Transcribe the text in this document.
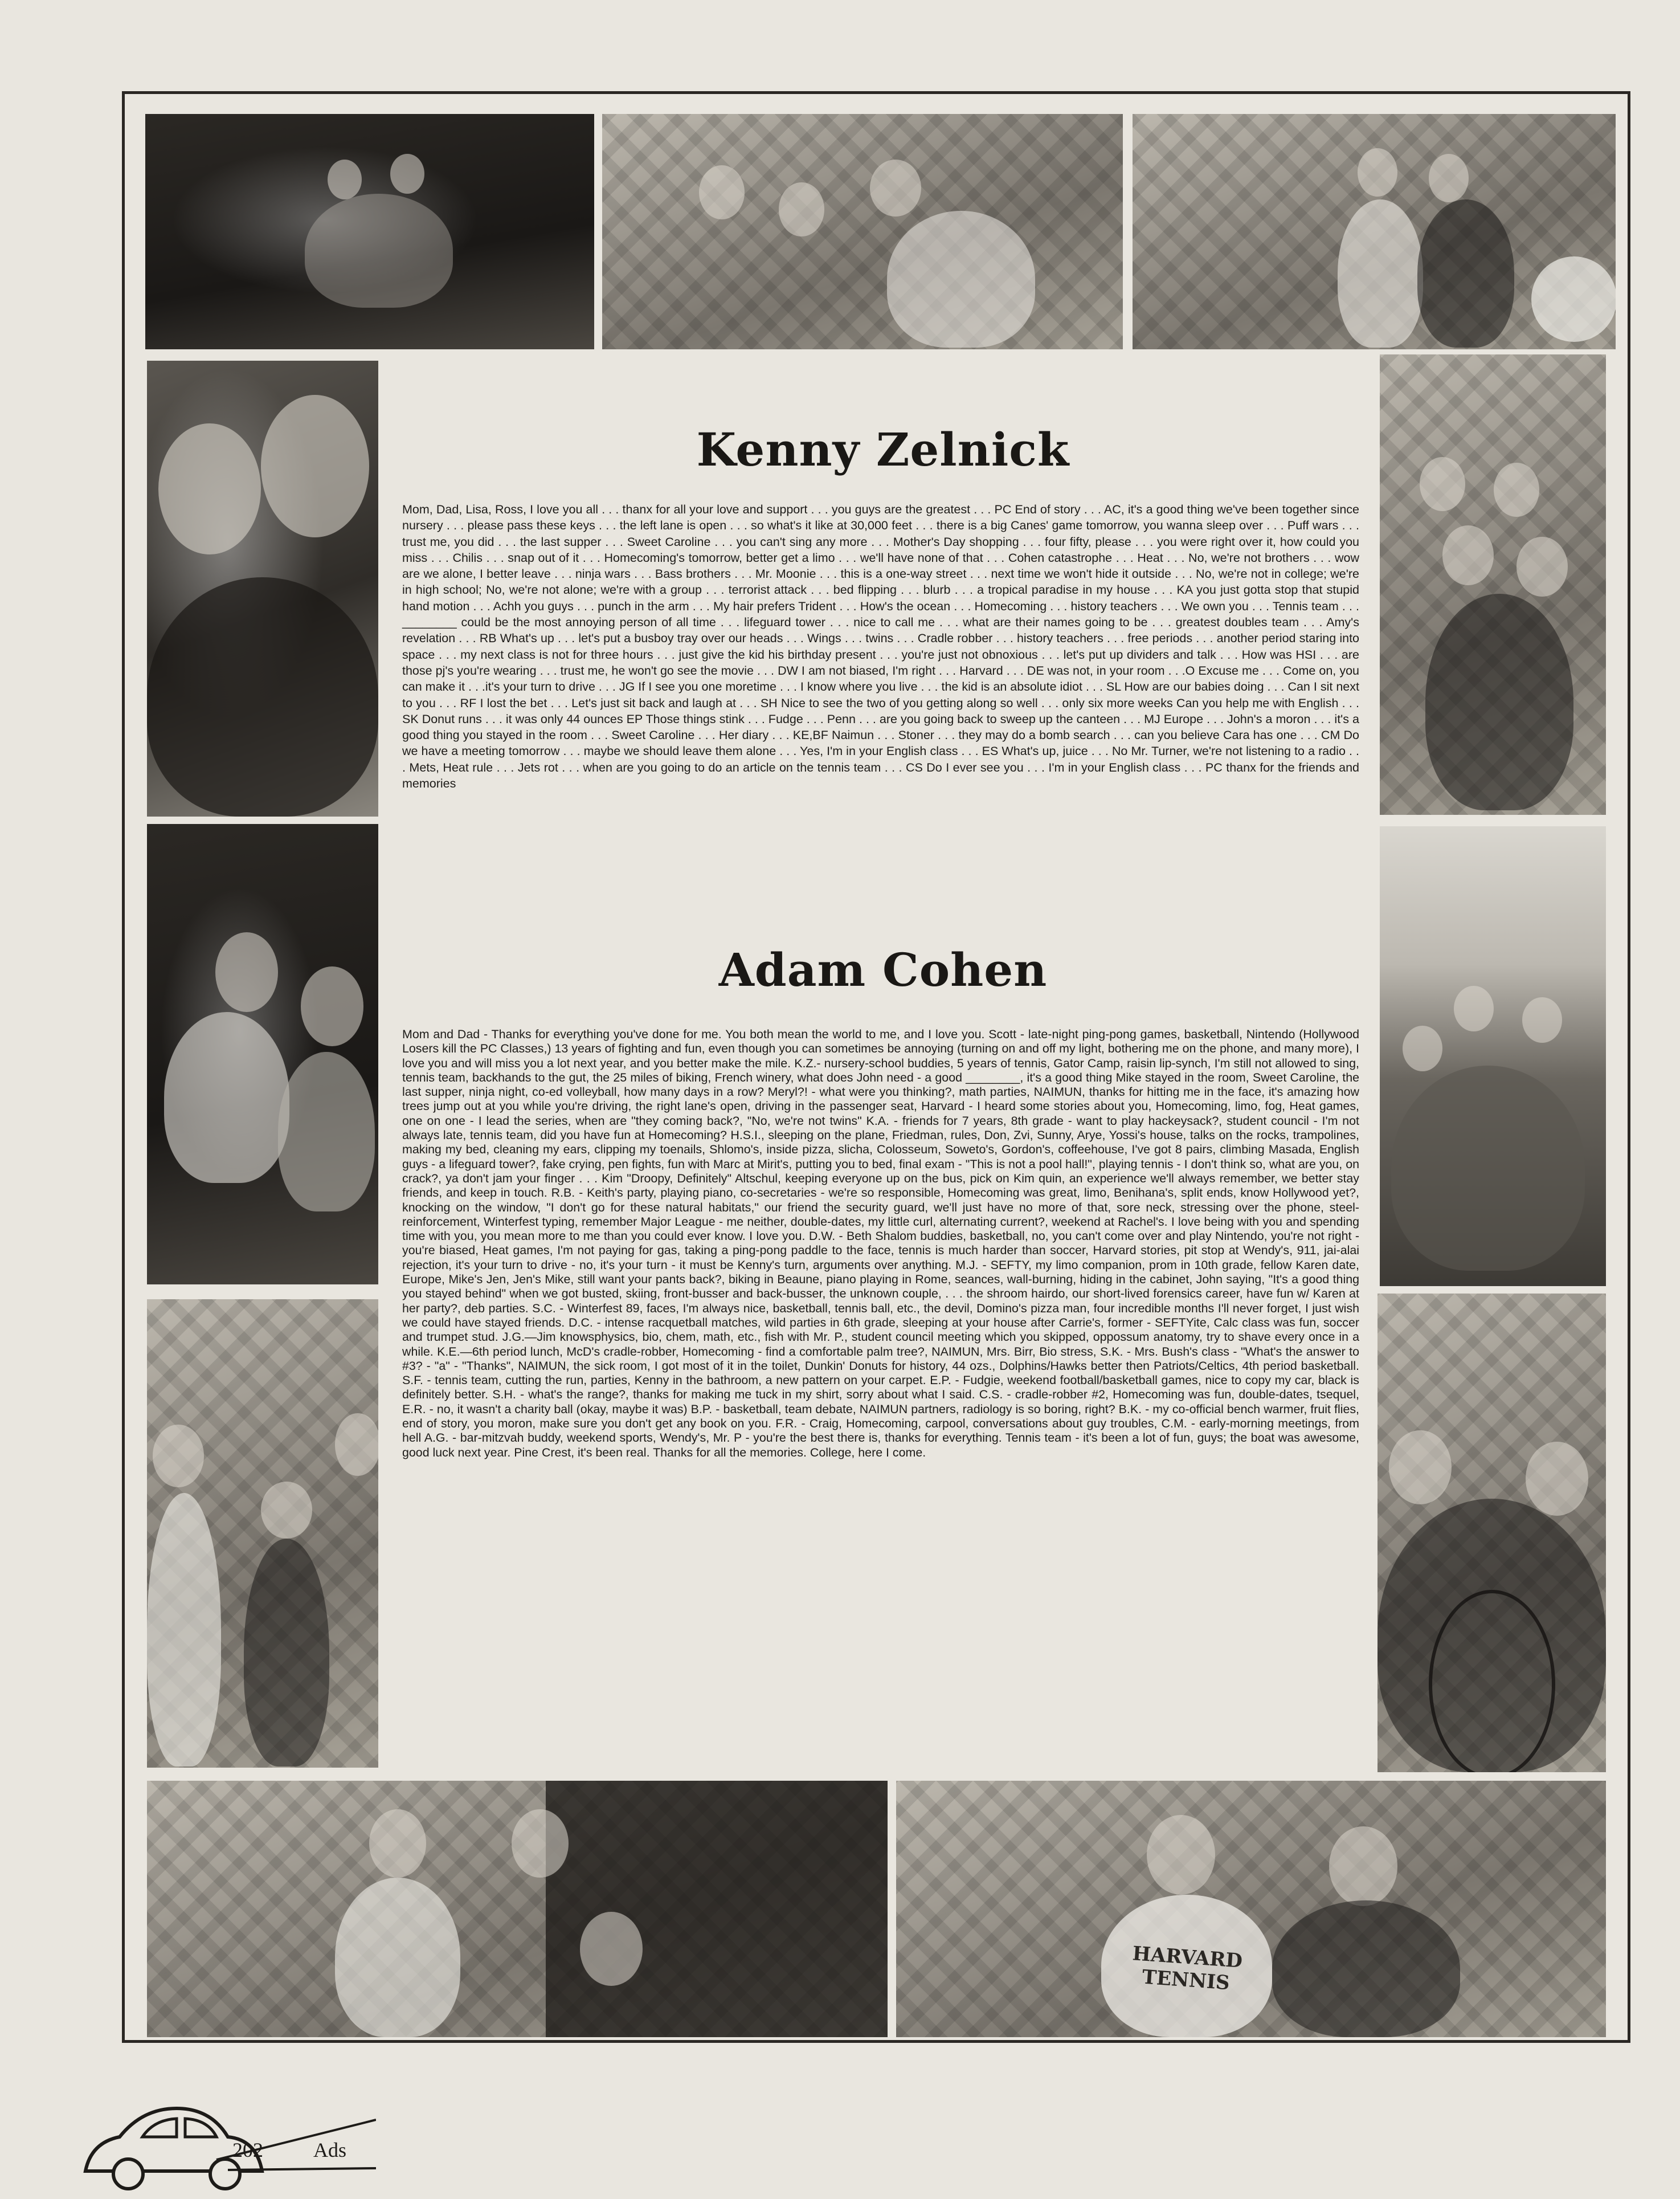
HARVARD TENNIS
Kenny Zelnick
Mom, Dad, Lisa, Ross, I love you all . . . thanx for all your love and support . . . you guys are the greatest . . . PC End of story . . . AC, it's a good thing we've been together since nursery . . . please pass these keys . . . the left lane is open . . . so what's it like at 30,000 feet . . . there is a big Canes' game tomorrow, you wanna sleep over . . . Puff wars . . . trust me, you did . . . the last supper . . . Sweet Caroline . . . you can't sing any more . . . Mother's Day shopping . . . four fifty, please . . . you were right over it, how could you miss . . . Chilis . . . snap out of it . . . Homecoming's tomorrow, better get a limo . . . we'll have none of that . . . Cohen catastrophe . . . Heat . . . No, we're not brothers . . . wow are we alone, I better leave . . . ninja wars . . . Bass brothers . . . Mr. Moonie . . . this is a one-way street . . . next time we won't hide it outside . . . No, we're not in college; we're in high school; No, we're not alone; we're with a group . . . terrorist attack . . . bed flipping . . . blurb . . . a tropical paradise in my house . . . KA you just gotta stop that stupid hand motion . . . Achh you guys . . . punch in the arm . . . My hair prefers Trident . . . How's the ocean . . . Homecoming . . . history teachers . . . We own you . . . Tennis team . . . ________ could be the most annoying person of all time . . . lifeguard tower . . . nice to call me . . . what are their names going to be . . . greatest doubles team . . . Amy's revelation . . . RB What's up . . . let's put a busboy tray over our heads . . . Wings . . . twins . . . Cradle robber . . . history teachers . . . free periods . . . another period staring into space . . . my next class is not for three hours . . . just give the kid his birthday present . . . you're just not obnoxious . . . let's put up dividers and talk . . . How was HSI . . . are those pj's you're wearing . . . trust me, he won't go see the movie . . . DW I am not biased, I'm right . . . Harvard . . . DE was not, in your room . . .O Excuse me . . . Come on, you can make it . . .it's your turn to drive . . . JG If I see you one moretime . . . I know where you live . . . the kid is an absolute idiot . . . SL How are our babies doing . . . Can I sit next to you . . . RF I lost the bet . . . Let's just sit back and laugh at . . . SH Nice to see the two of you getting along so well . . . only six more weeks Can you help me with English . . . SK Donut runs . . . it was only 44 ounces EP Those things stink . . . Fudge . . . Penn . . . are you going back to sweep up the canteen . . . MJ Europe . . . John's a moron . . . it's a good thing you stayed in the room . . . Sweet Caroline . . . Her diary . . . KE,BF Naimun . . . Stoner . . . they may do a bomb search . . . can you believe Cara has one . . . CM Do we have a meeting tomorrow . . . maybe we should leave them alone . . . Yes, I'm in your English class . . . ES What's up, juice . . . No Mr. Turner, we're not listening to a radio . . . Mets, Heat rule . . . Jets rot . . . when are you going to do an article on the tennis team . . . CS Do I ever see you . . . I'm in your English class . . . PC thanx for the friends and memories
Adam Cohen
Mom and Dad - Thanks for everything you've done for me. You both mean the world to me, and I love you. Scott - late-night ping-pong games, basketball, Nintendo (Hollywood Losers kill the PC Classes,) 13 years of fighting and fun, even though you can sometimes be annoying (turning on and off my light, bothering me on the phone, and many more), I love you and will miss you a lot next year, and you better make the mile. K.Z.- nursery-school buddies, 5 years of tennis, Gator Camp, raisin lip-synch, I'm still not allowed to sing, tennis team, backhands to the gut, the 25 miles of biking, French winery, what does John need - a good ________, it's a good thing Mike stayed in the room, Sweet Caroline, the last supper, ninja night, co-ed volleyball, how many days in a row? Meryl?! - what were you thinking?, math parties, NAIMUN, thanks for hitting me in the face, it's amazing how trees jump out at you while you're driving, the right lane's open, driving in the passenger seat, Harvard - I heard some stories about you, Homecoming, limo, fog, Heat games, one on one - I lead the series, when are "they coming back?, "No, we're not twins" K.A. - friends for 7 years, 8th grade - want to play hackeysack?, student council - I'm not always late, tennis team, did you have fun at Homecoming? H.S.I., sleeping on the plane, Friedman, rules, Don, Zvi, Sunny, Arye, Yossi's house, talks on the rocks, trampolines, making my bed, cleaning my ears, clipping my toenails, Shlomo's, inside pizza, slicha, Colosseum, Soweto's, Gordon's, coffeehouse, I've got 8 pairs, climbing Masada, English guys - a lifeguard tower?, fake crying, pen fights, fun with Marc at Mirit's, putting you to bed, final exam - "This is not a pool hall!", playing tennis - I don't think so, what are you, on crack?, ya don't jam your finger . . . Kim "Droopy, Definitely" Altschul, keeping everyone up on the bus, pick on Kim quin, an experience we'll always remember, we better stay friends, and keep in touch. R.B. - Keith's party, playing piano, co-secretaries - we're so responsible, Homecoming was great, limo, Benihana's, split ends, know Hollywood yet?, knocking on the window, "I don't go for these natural habitats," our friend the security guard, we'll just have no more of that, sore neck, stressing over the phone, steel-reinforcement, Winterfest typing, remember Major League - me neither, double-dates, my little curl, alternating current?, weekend at Rachel's. I love being with you and spending time with you, you mean more to me than you could ever know. I love you. D.W. - Beth Shalom buddies, basketball, no, you can't come over and play Nintendo, you're not right - you're biased, Heat games, I'm not paying for gas, taking a ping-pong paddle to the face, tennis is much harder than soccer, Harvard stories, pit stop at Wendy's, 911, jai-alai rejection, it's your turn to drive - no, it's your turn - it must be Kenny's turn, arguments over anything. M.J. - SEFTY, my limo companion, prom in 10th grade, fellow Karen date, Europe, Mike's Jen, Jen's Mike, still want your pants back?, biking in Beaune, piano playing in Rome, seances, wall-burning, hiding in the cabinet, John saying, "It's a good thing you stayed behind" when we got busted, skiing, front-busser and back-busser, the unknown couple, . . . the shroom hairdo, our short-lived forensics career, have fun w/ Karen at her party?, deb parties. S.C. - Winterfest 89, faces, I'm always nice, basketball, tennis ball, etc., the devil, Domino's pizza man, four incredible months I'll never forget, I just wish we could have stayed friends. D.C. - intense racquetball matches, wild parties in 6th grade, sleeping at your house after Carrie's, former - SEFTYite, Calc class was fun, soccer and trumpet stud. J.G.—Jim knowsphysics, bio, chem, math, etc., fish with Mr. P., student council meeting which you skipped, oppossum anatomy, try to shave every once in a while. K.E.—6th period lunch, McD's cradle-robber, Homecoming - find a comfortable palm tree?, NAIMUN, Mrs. Birr, Bio stress, S.K. - Mrs. Bush's class - "What's the answer to #3? - "a" - "Thanks", NAIMUN, the sick room, I got most of it in the toilet, Dunkin' Donuts for history, 44 ozs., Dolphins/Hawks better then Patriots/Celtics, 4th period basketball. S.F. - tennis team, cutting the run, parties, Kenny in the bathroom, a new pattern on your carpet. E.P. - Fudgie, weekend football/basketball games, nice to copy my car, black is definitely better. S.H. - what's the range?, thanks for making me tuck in my shirt, sorry about what I said. C.S. - cradle-robber #2, Homecoming was fun, double-dates, tsequel, E.R. - no, it wasn't a charity ball (okay, maybe it was) B.P. - basketball, team debate, NAIMUN partners, radiology is so boring, right? B.K. - my co-official bench warmer, fruit flies, end of story, you moron, make sure you don't get any book on you. F.R. - Craig, Homecoming, carpool, conversations about guy troubles, C.M. - early-morning meetings, from hell A.G. - bar-mitzvah buddy, weekend sports, Wendy's, Mr. P - you're the best there is, thanks for everything. Tennis team - it's been a lot of fun, guys; the boat was awesome, good luck next year. Pine Crest, it's been real. Thanks for all the memories. College, here I come.
202 Ads
